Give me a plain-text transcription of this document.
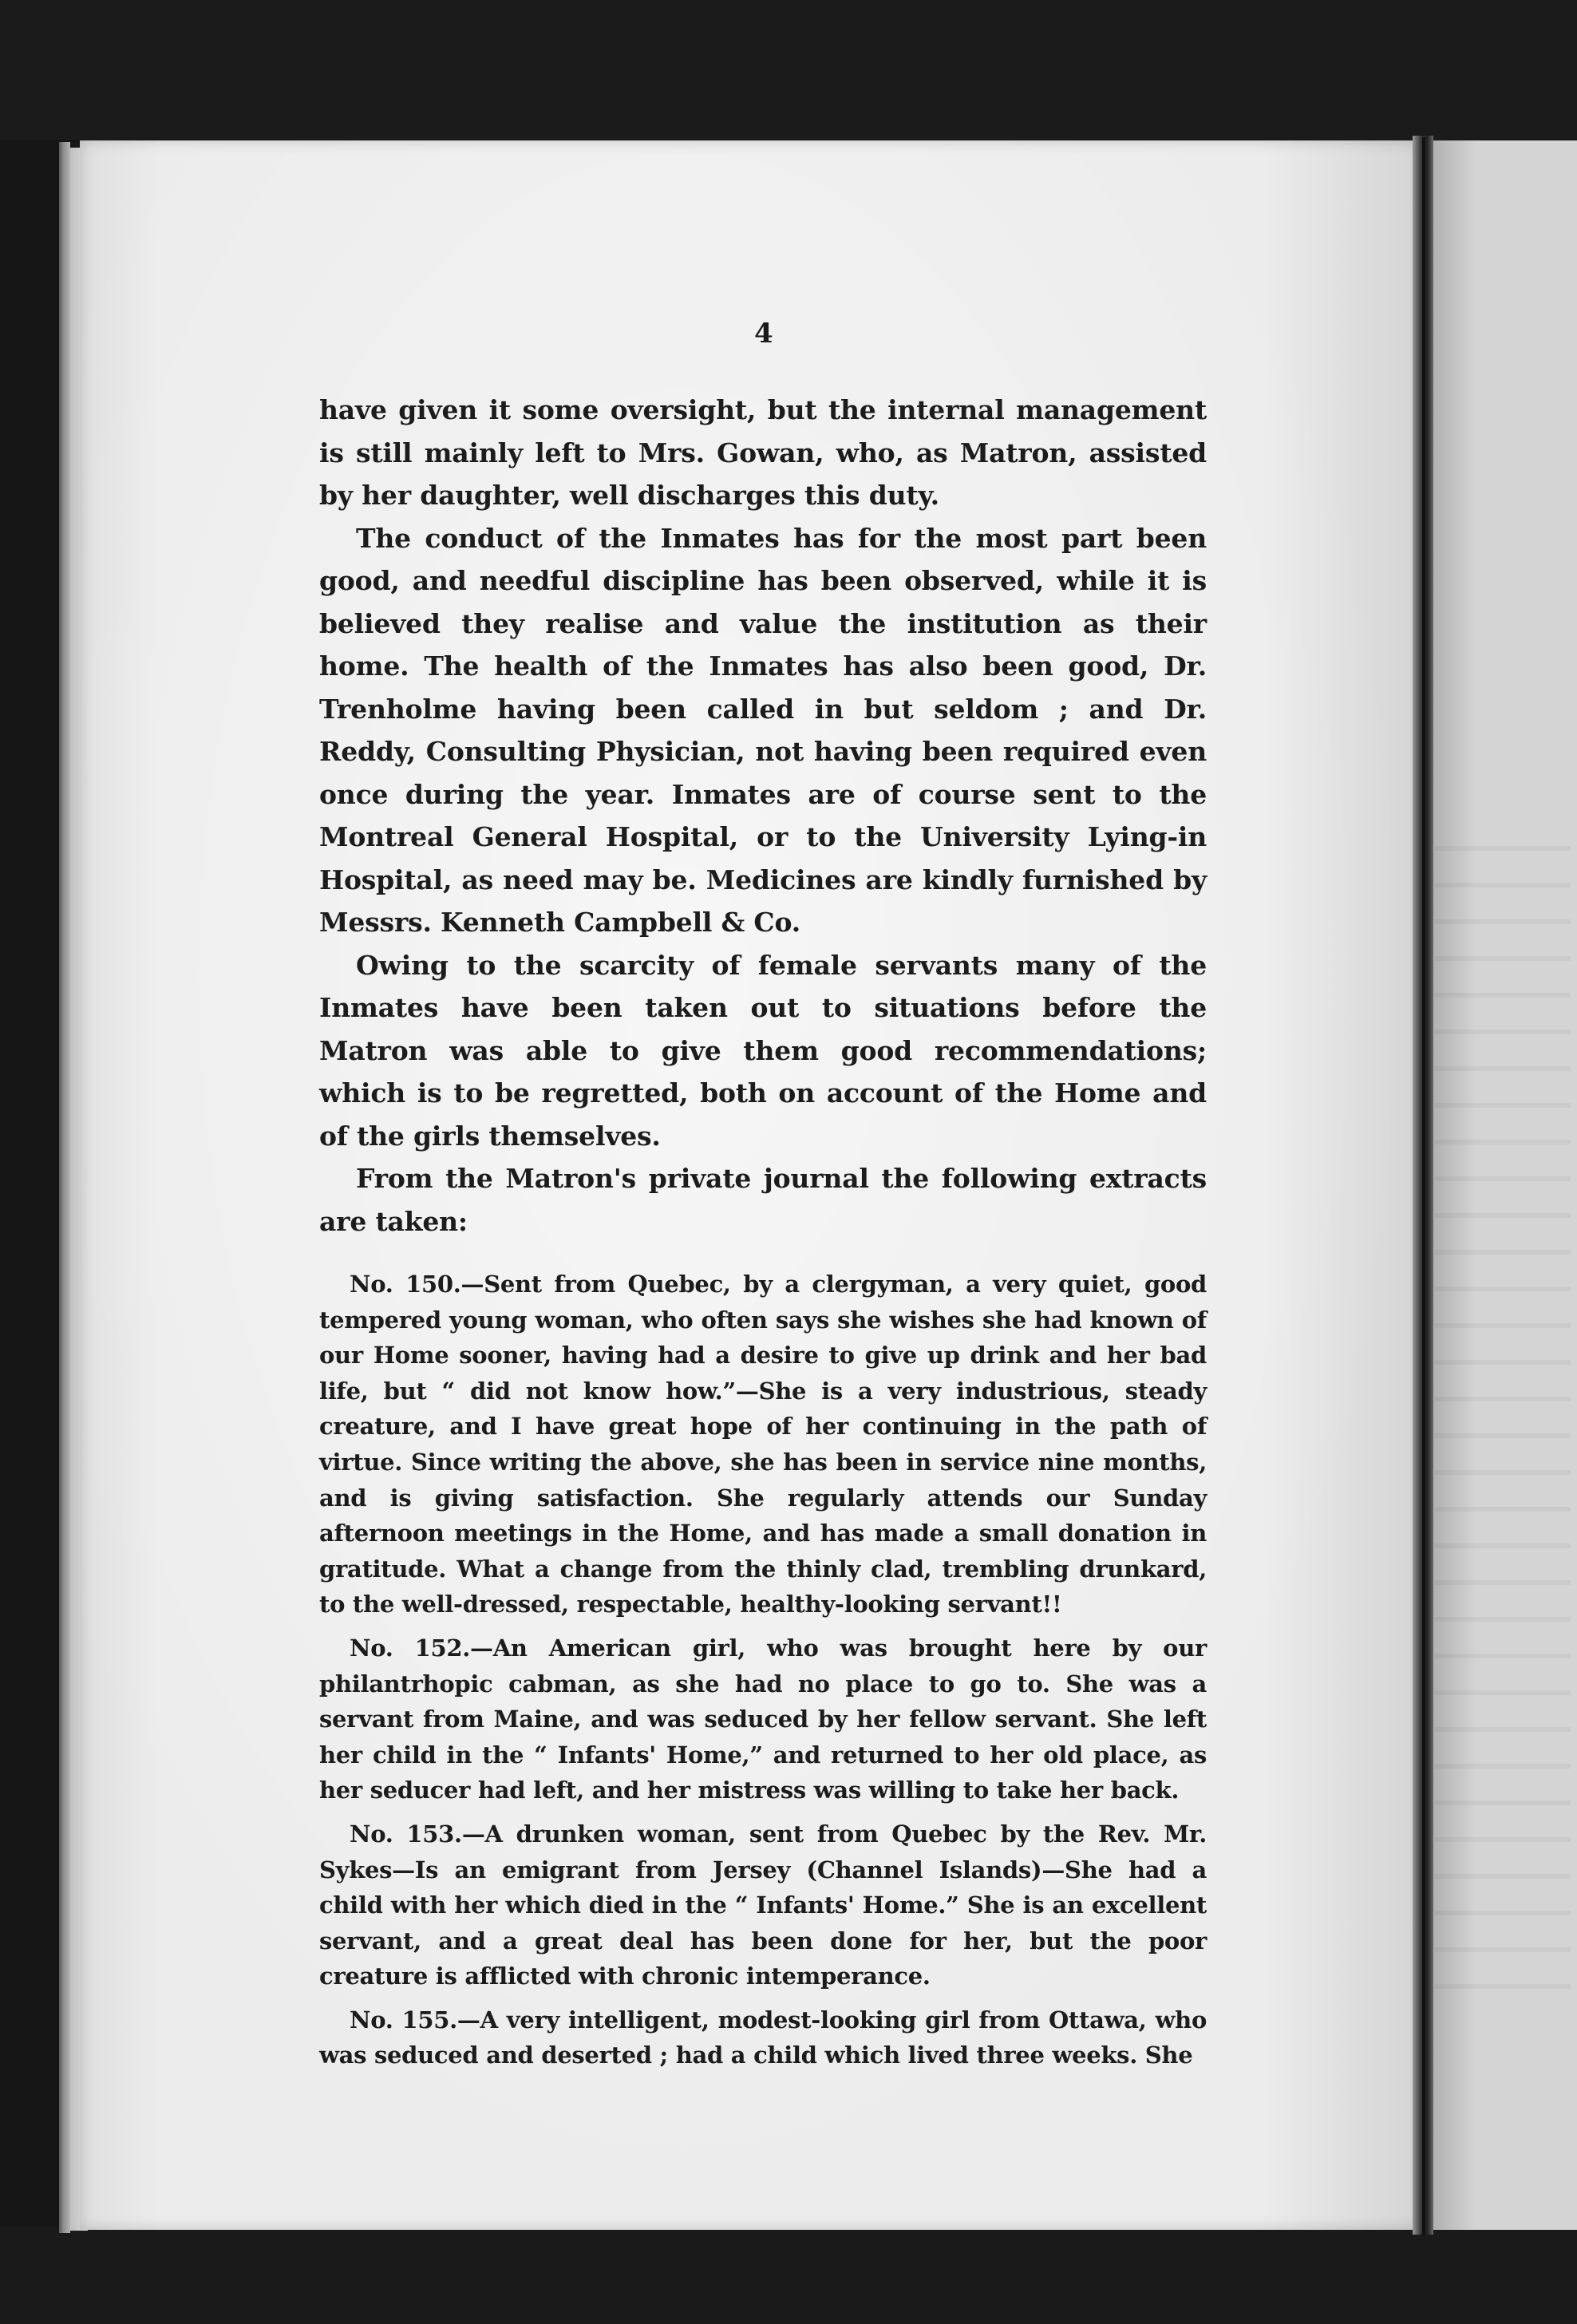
4

have given it some oversight, but the internal management is still mainly left to Mrs. Gowan, who, as Matron, assisted by her daughter, well discharges this duty.

The conduct of the Inmates has for the most part been good, and needful discipline has been observed, while it is believed they realise and value the institution as their home. The health of the Inmates has also been good, Dr. Trenholme having been called in but seldom ; and Dr. Reddy, Consulting Physician, not having been required even once during the year. Inmates are of course sent to the Montreal General Hospital, or to the University Lying-in Hospital, as need may be. Medicines are kindly furnished by Messrs. Kenneth Campbell & Co.

Owing to the scarcity of female servants many of the Inmates have been taken out to situations before the Matron was able to give them good recommendations; which is to be regretted, both on account of the Home and of the girls themselves.

From the Matron's private journal the following extracts are taken:

No. 150.—Sent from Quebec, by a clergyman, a very quiet, good tempered young woman, who often says she wishes she had known of our Home sooner, having had a desire to give up drink and her bad life, but “ did not know how.”—She is a very industrious, steady creature, and I have great hope of her continuing in the path of virtue. Since writing the above, she has been in service nine months, and is giving satisfaction. She regularly attends our Sunday afternoon meetings in the Home, and has made a small donation in gratitude. What a change from the thinly clad, trembling drunkard, to the well-dressed, respectable, healthy-looking servant!!

No. 152.—An American girl, who was brought here by our philantrhopic cabman, as she had no place to go to. She was a servant from Maine, and was seduced by her fellow servant. She left her child in the “ Infants' Home,” and returned to her old place, as her seducer had left, and her mistress was willing to take her back.

No. 153.—A drunken woman, sent from Quebec by the Rev. Mr. Sykes—Is an emigrant from Jersey (Channel Islands)—She had a child with her which died in the “ Infants' Home.” She is an excellent servant, and a great deal has been done for her, but the poor creature is afflicted with chronic intemperance.

No. 155.—A very intelligent, modest-looking girl from Ottawa, who was seduced and deserted ; had a child which lived three weeks. She
